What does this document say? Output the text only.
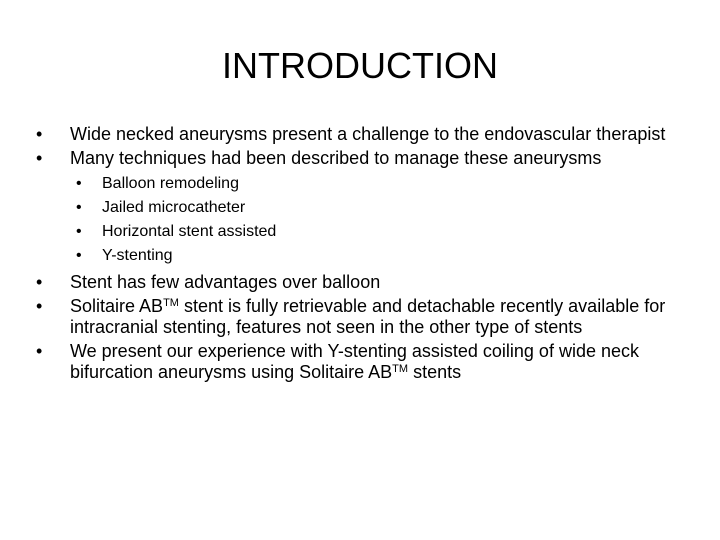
INTRODUCTION
• Wide necked aneurysms present a challenge to the endovascular therapist
• Many techniques had been described to manage these aneurysms
• Balloon remodeling
• Jailed microcatheter
• Horizontal stent assisted
• Y-stenting
• Stent has few advantages over balloon
• Solitaire AB™ stent is fully retrievable and detachable recently available for intracranial stenting, features not seen in the other type of stents
• We present our experience with Y-stenting assisted coiling of wide neck bifurcation aneurysms using Solitaire AB™ stents
